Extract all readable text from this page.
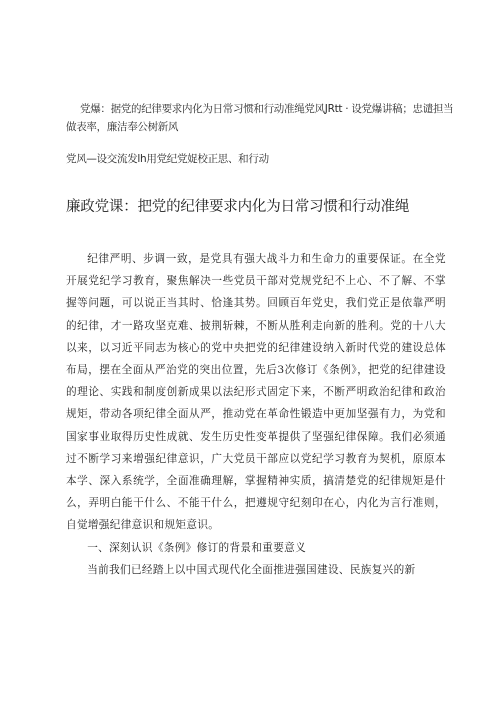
党爆：据党的纪律要求内化为日常习惯和行动准绳党风JRtt · 设党爆讲稿；忠谴担当做表率，廉洁奉公树新风
党风—设交流发lh用党纪党娖校正思、和行动
廉政党课：把党的纪律要求内化为日常习惯和行动准绳

纪律严明、步调一致，是党具有强大战斗力和生命力的重要保证。在全党开展党纪学习教育，聚焦解决一些党员干部对党规党纪不上心、不了解、不掌握等问题，可以说正当其时、恰逢其势。回顾百年党史，我们党正是依靠严明的纪律，才一路攻坚克难、披荆斩棘，不断从胜利走向新的胜利。党的十八大以来，以习近平同志为核心的党中央把党的纪律建设纳入新时代党的建设总体布局，摆在全面从严治党的突出位置，先后3次修订《条例》，把党的纪律建设的理论、实践和制度创新成果以法纪形式固定下来，不断严明政治纪律和政治规矩，带动各项纪律全面从严，推动党在革命性锻造中更加坚强有力，为党和国家事业取得历史性成就、发生历史性变革提供了坚强纪律保障。我们必须通过不断学习来增强纪律意识，广大党员干部应以党纪学习教育为契机，原原本本学、深入系统学，全面准确理解，掌握精神实质，搞清楚党的纪律规矩是什么，弄明白能干什么、不能干什么，把遵规守纪刻印在心，内化为言行准则，自觉增强纪律意识和规矩意识。

一、深刻认识《条例》修订的背景和重要意义

当前我们已经踏上以中国式现代化全面推进强国建设、民族复兴的新
